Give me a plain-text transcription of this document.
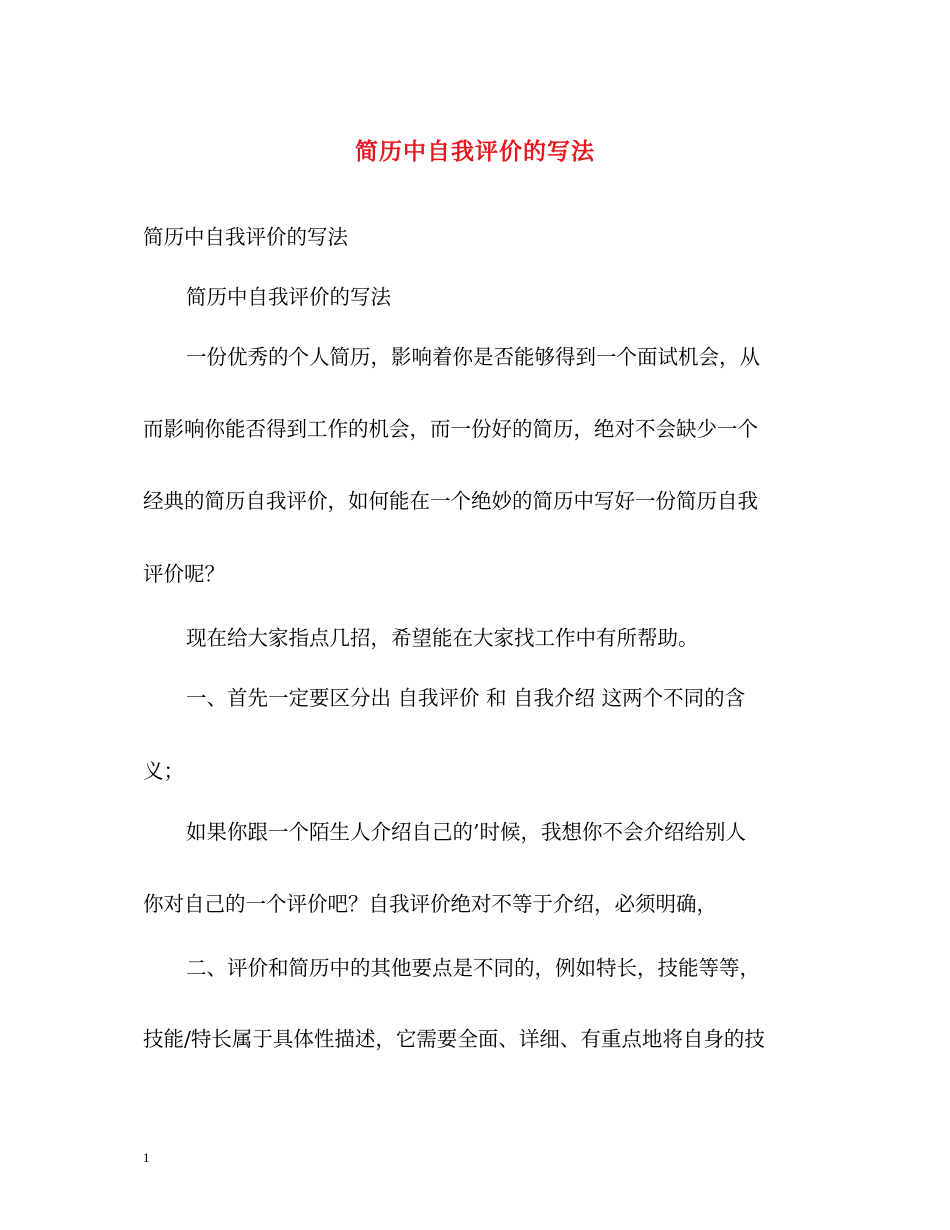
简历中自我评价的写法
简历中自我评价的写法
简历中自我评价的写法
一份优秀的个人简历，影响着你是否能够得到一个面试机会，从
而影响你能否得到工作的机会，而一份好的简历，绝对不会缺少一个
经典的简历自我评价，如何能在一个绝妙的简历中写好一份简历自我
评价呢？
现在给大家指点几招，希望能在大家找工作中有所帮助。
一、首先一定要区分出 自我评价 和 自我介绍 这两个不同的含
义；
如果你跟一个陌生人介绍自己的’时候，我想你不会介绍给别人
你对自己的一个评价吧？自我评价绝对不等于介绍，必须明确，
二、评价和简历中的其他要点是不同的，例如特长，技能等等，
技能/特长属于具体性描述，它需要全面、详细、有重点地将自身的技
1
